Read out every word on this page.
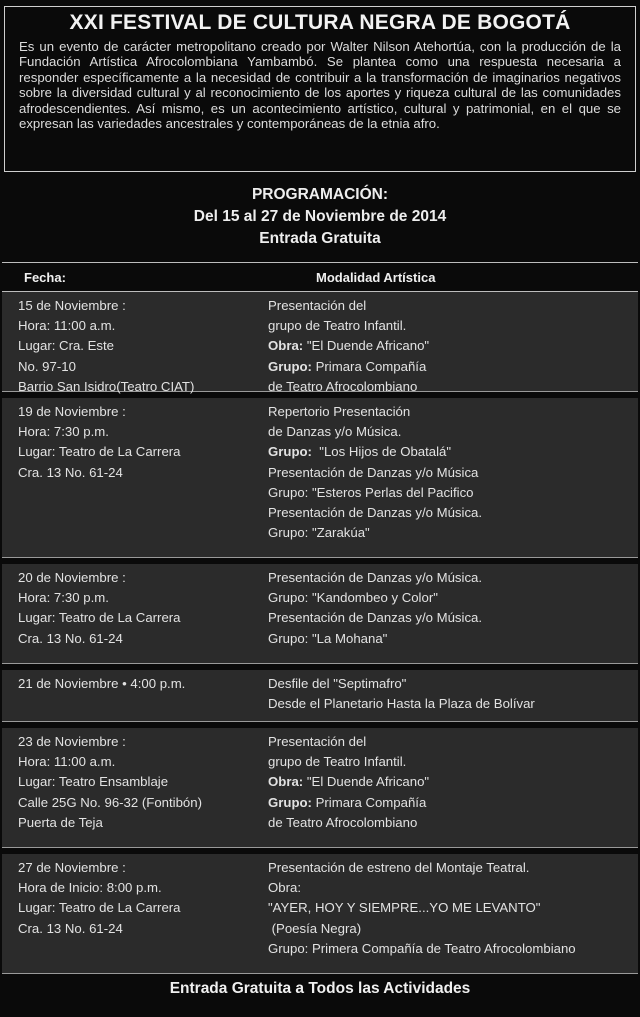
XXI FESTIVAL DE CULTURA NEGRA DE BOGOTÁ

Es un evento de carácter metropolitano creado por Walter Nilson Atehortúa, con la producción de la Fundación Artística Afrocolombiana Yambambó. Se plantea como una respuesta necesaria a responder específicamente a la necesidad de contribuir a la transformación de imaginarios negativos sobre la diversidad cultural y al reconocimiento de los aportes y riqueza cultural de las comunidades afrodescendientes. Así mismo, es un acontecimiento artístico, cultural y patrimonial, en el que se expresan las variedades ancestrales y contemporáneas de la etnia afro.

PROGRAMACIÓN:
Del 15 al 27 de Noviembre de 2014
Entrada Gratuita
Fecha:	Modalidad Artística
15 de Noviembre :
Hora: 11:00 a.m.
Lugar: Cra. Este
No. 97-10
Barrio San Isidro(Teatro CIAT)
Presentación del
grupo de Teatro Infantil.
Obra: "El Duende Africano"
Grupo: Primara Compañía
de Teatro Afrocolombiano
19 de Noviembre :
Hora: 7:30 p.m.
Lugar: Teatro de La Carrera
Cra. 13 No. 61-24
Repertorio Presentación
de Danzas y/o Música.
Grupo:  "Los Hijos de Obatalá"
Presentación de Danzas y/o Música
Grupo: "Esteros Perlas del Pacifico
Presentación de Danzas y/o Música.
Grupo: "Zarakúa"
20 de Noviembre :
Hora: 7:30 p.m.
Lugar: Teatro de La Carrera
Cra. 13 No. 61-24
Presentación de Danzas y/o Música.
Grupo: "Kandombeo y Color"
Presentación de Danzas y/o Música.
Grupo: "La Mohana"
21 de Noviembre • 4:00 p.m.	Desfile del "Septimafro"
Desde el Planetario Hasta la Plaza de Bolívar
23 de Noviembre :
Hora: 11:00 a.m.
Lugar: Teatro Ensamblaje
Calle 25G No. 96-32 (Fontibón)
Puerta de Teja
Presentación del
grupo de Teatro Infantil.
Obra: "El Duende Africano"
Grupo: Primara Compañía
de Teatro Afrocolombiano
27 de Noviembre :
Hora de Inicio: 8:00 p.m.
Lugar: Teatro de La Carrera
Cra. 13 No. 61-24
Presentación de estreno del Montaje Teatral.
Obra:
"AYER, HOY Y SIEMPRE...YO ME LEVANTO"
(Poesía Negra)
Grupo: Primera Compañía de Teatro Afrocolombiano
Entrada Gratuita a Todos las Actividades
